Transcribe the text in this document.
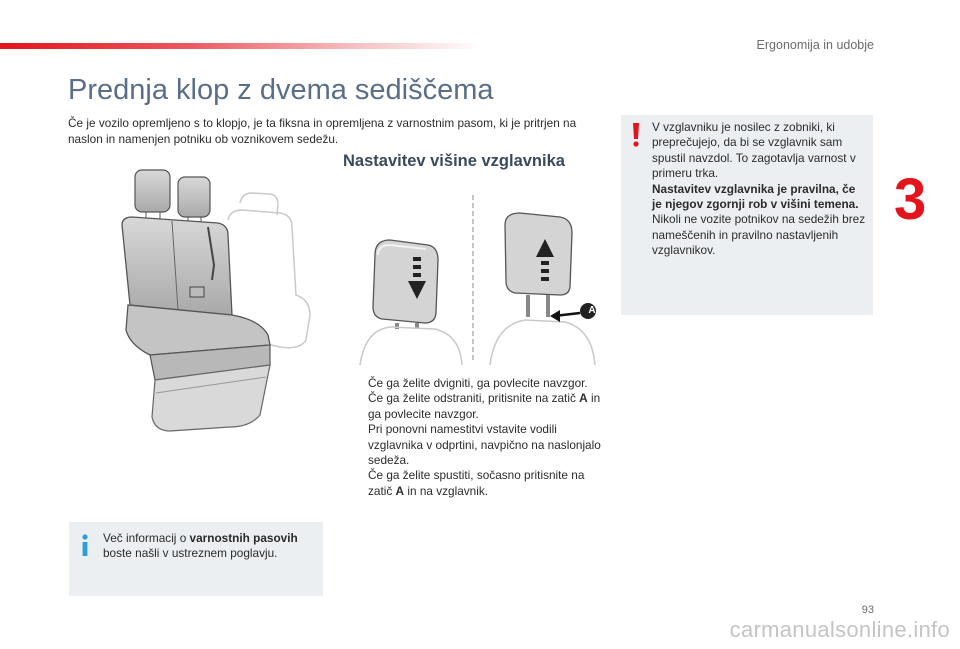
Ergonomija in udobje
3
Prednja klop z dvema sediščema
Če je vozilo opremljeno s to klopjo, je ta fiksna in opremljena z varnostnim pasom, ki je pritrjen na naslon in namenjen potniku ob voznikovem sedežu.
Nastavitev višine vzglavnika
A
Če ga želite dvigniti, ga povlecite navzgor.
Če ga želite odstraniti, pritisnite na zatič A in ga povlecite navzgor.
Pri ponovni namestitvi vstavite vodili vzglavnika v odprtini, navpično na naslonjalo sedeža.
Če ga želite spustiti, sočasno pritisnite na zatič A in na vzglavnik.
Več informacij o varnostnih pasovih boste našli v ustreznem poglavju.
V vzglavniku je nosilec z zobniki, ki preprečujejo, da bi se vzglavnik sam spustil navzdol. To zagotavlja varnost v primeru trka.
Nastavitev vzglavnika je pravilna, če je njegov zgornji rob v višini temena.
Nikoli ne vozite potnikov na sedežih brez nameščenih in pravilno nastavljenih vzglavnikov.
93
carmanualsonline.info
